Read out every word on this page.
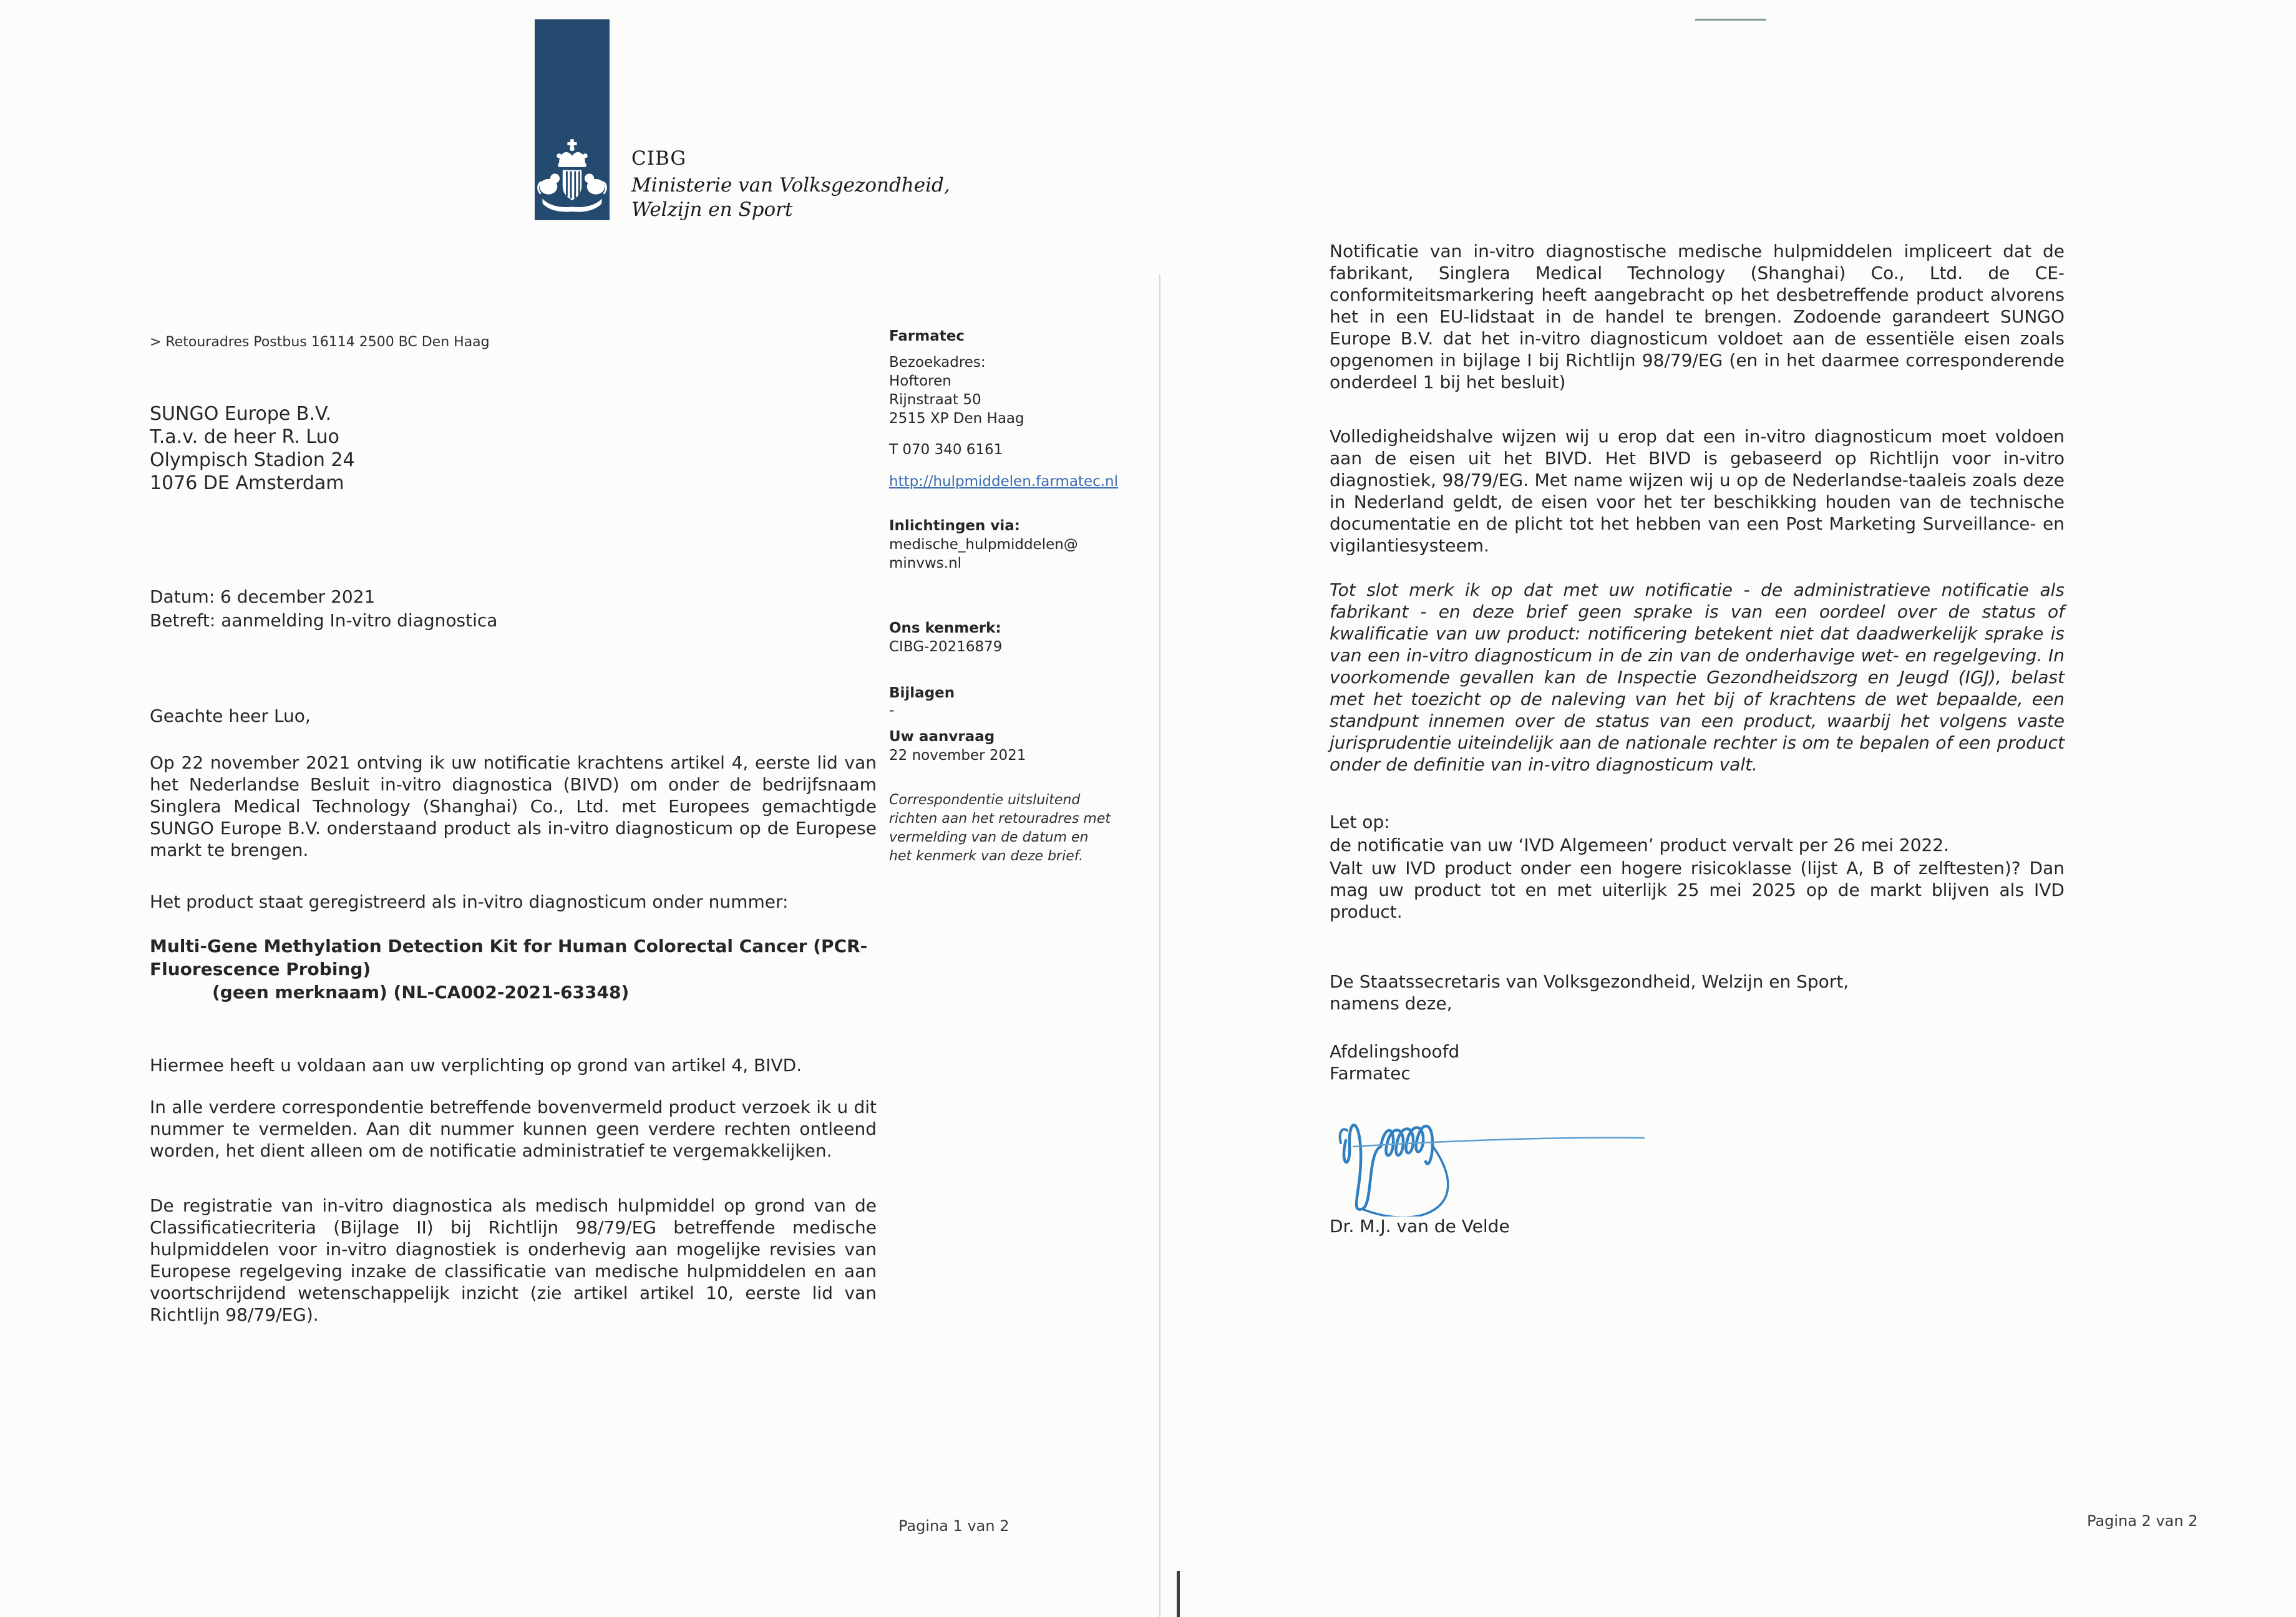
CIBG
Ministerie van Volksgezondheid,
Welzijn en Sport
> Retouradres Postbus 16114 2500 BC Den Haag
SUNGO Europe B.V.
T.a.v. de heer R. Luo
Olympisch Stadion 24
1076 DE Amsterdam
Datum: 6 december 2021
Betreft: aanmelding In-vitro diagnostica
Geachte heer Luo,
Op 22 november 2021 ontving ik uw notificatie krachtens artikel 4, eerste lid van het Nederlandse Besluit in-vitro diagnostica (BIVD) om onder de bedrijfsnaam Singlera Medical Technology (Shanghai) Co., Ltd. met Europees gemachtigde SUNGO Europe B.V. onderstaand product als in-vitro diagnosticum op de Europese markt te brengen.
Het product staat geregistreerd als in-vitro diagnosticum onder nummer:
Multi-Gene Methylation Detection Kit for Human Colorectal Cancer (PCR-
Fluorescence Probing)
(geen merknaam) (NL-CA002-2021-63348)
Hiermee heeft u voldaan aan uw verplichting op grond van artikel 4, BIVD.
In alle verdere correspondentie betreffende bovenvermeld product verzoek ik u dit nummer te vermelden. Aan dit nummer kunnen geen verdere rechten ontleend worden, het dient alleen om de notificatie administratief te vergemakkelijken.
De registratie van in-vitro diagnostica als medisch hulpmiddel op grond van de Classificatiecriteria (Bijlage II) bij Richtlijn 98/79/EG betreffende medische hulpmiddelen voor in-vitro diagnostiek is onderhevig aan mogelijke revisies van Europese regelgeving inzake de classificatie van medische hulpmiddelen en aan voortschrijdend wetenschappelijk inzicht (zie artikel artikel 10, eerste lid van Richtlijn 98/79/EG).
Pagina 1 van 2
Farmatec
Bezoekadres:
Hoftoren
Rijnstraat 50
2515 XP Den Haag
T 070 340 6161
http://hulpmiddelen.farmatec.nl
Inlichtingen via:
medische_hulpmiddelen@
minvws.nl
Ons kenmerk:
CIBG-20216879
Bijlagen
-
Uw aanvraag
22 november 2021
Correspondentie uitsluitend
richten aan het retouradres met
vermelding van de datum en
het kenmerk van deze brief.
Notificatie van in-vitro diagnostische medische hulpmiddelen impliceert dat de fabrikant, Singlera Medical Technology (Shanghai) Co., Ltd. de CE-conformiteitsmarkering heeft aangebracht op het desbetreffende product alvorens het in een EU-lidstaat in de handel te brengen. Zodoende garandeert SUNGO Europe B.V. dat het in-vitro diagnosticum voldoet aan de essentiële eisen zoals opgenomen in bijlage I bij Richtlijn 98/79/EG (en in het daarmee corresponderende onderdeel 1 bij het besluit)
Volledigheidshalve wijzen wij u erop dat een in-vitro diagnosticum moet voldoen aan de eisen uit het BIVD. Het BIVD is gebaseerd op Richtlijn voor in-vitro diagnostiek, 98/79/EG. Met name wijzen wij u op de Nederlandse-taaleis zoals deze in Nederland geldt, de eisen voor het ter beschikking houden van de technische documentatie en de plicht tot het hebben van een Post Marketing Surveillance- en vigilantiesysteem.
Tot slot merk ik op dat met uw notificatie - de administratieve notificatie als fabrikant - en deze brief geen sprake is van een oordeel over de status of kwalificatie van uw product: notificering betekent niet dat daadwerkelijk sprake is van een in-vitro diagnosticum in de zin van de onderhavige wet- en regelgeving. In voorkomende gevallen kan de Inspectie Gezondheidszorg en Jeugd (IGJ), belast met het toezicht op de naleving van het bij of krachtens de wet bepaalde, een standpunt innemen over de status van een product, waarbij het volgens vaste jurisprudentie uiteindelijk aan de nationale rechter is om te bepalen of een product onder de definitie van in-vitro diagnosticum valt.
Let op:
de notificatie van uw ‘IVD Algemeen’ product vervalt per 26 mei 2022.
Valt uw IVD product onder een hogere risicoklasse (lijst A, B of zelftesten)? Dan mag uw product tot en met uiterlijk 25 mei 2025 op de markt blijven als IVD product.
De Staatssecretaris van Volksgezondheid, Welzijn en Sport,
namens deze,
Afdelingshoofd
Farmatec
Dr. M.J. van de Velde
Pagina 2 van 2
